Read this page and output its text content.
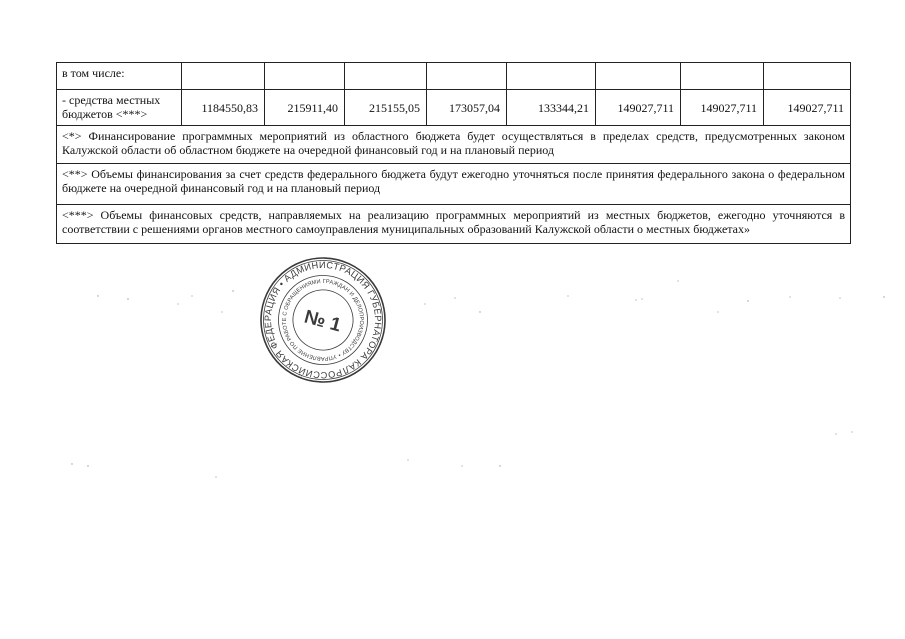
в том числе:								
- средства местных бюджетов <***>	1184550,83	215911,40	215155,05	173057,04	133344,21	149027,711	149027,711	149027,711
<*> Финансирование программных мероприятий из областного бюджета будет осуществляться в пределах средств, предусмотренных законом Калужской области об областном бюджете на очередной финансовый год и на плановый период								
<**> Объемы финансирования за счет средств федерального бюджета будут ежегодно уточняться после принятия федерального закона о федеральном бюджете на очередной финансовый год и на плановый период								
<***> Объемы финансовых средств, направляемых на реализацию программных мероприятий из местных бюджетов, ежегодно уточняются в соответствии с решениями органов местного самоуправления муниципальных образований Калужской области о местных бюджетах»								
РОССИЙСКАЯ ФЕДЕРАЦИЯ • АДМИНИСТРАЦИЯ ГУБЕРНАТОРА КАЛУЖСКОЙ
УПРАВЛЕНИЕ ПО РАБОТЕ С ОБРАЩЕНИЯМИ ГРАЖДАН И ДЕЛОПРОИЗВОДСТВУ •
№ 1
